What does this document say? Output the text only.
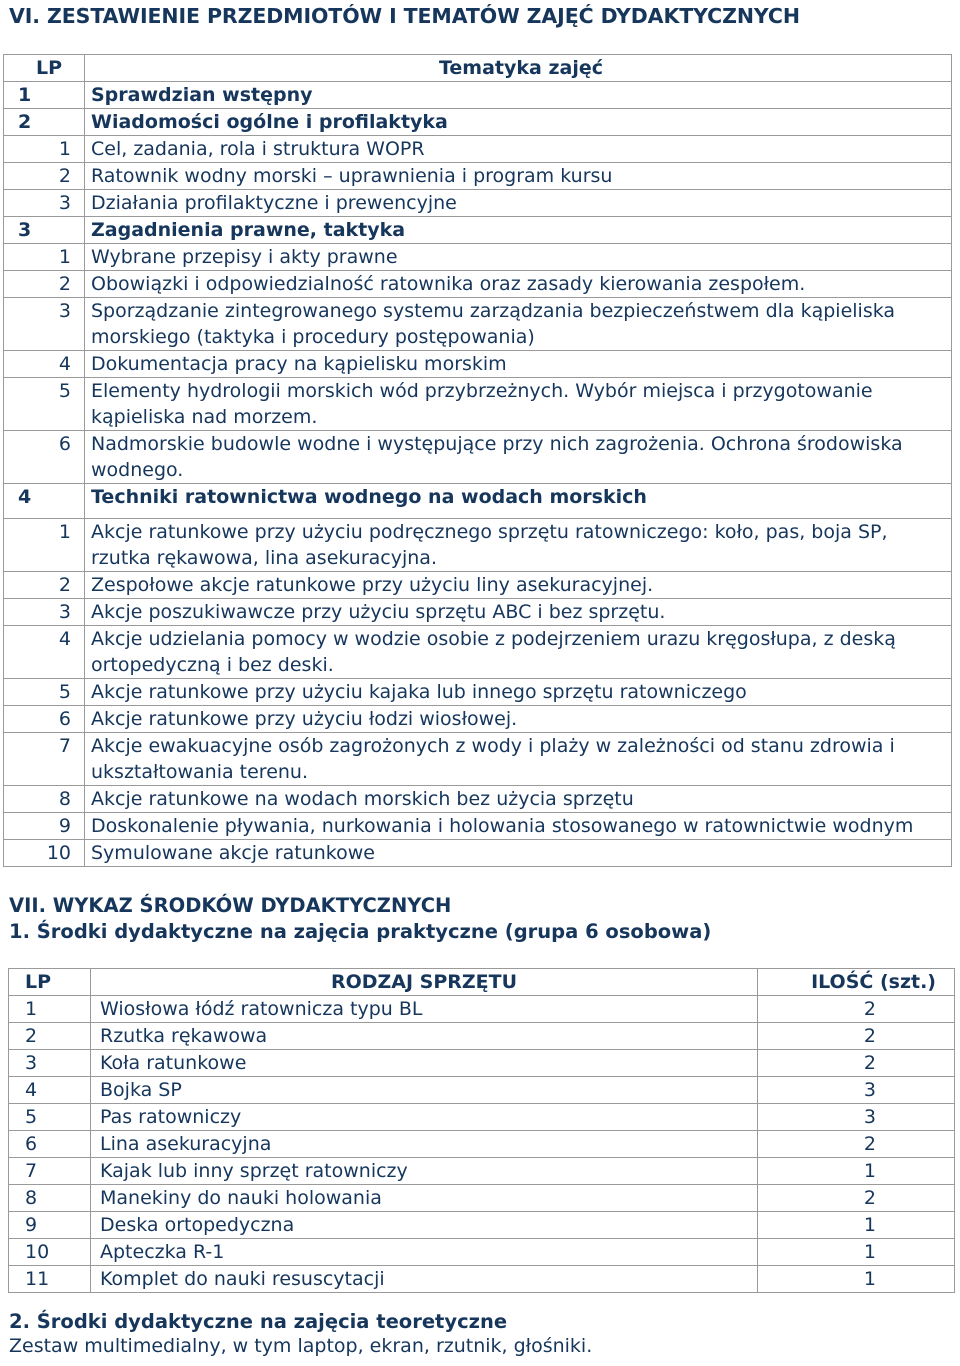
VI. ZESTAWIENIE PRZEDMIOTÓW I TEMATÓW ZAJĘĆ DYDAKTYCZNYCH
LP	Tematyka zajęć

1	Sprawdzian wstępny

2	Wiadomości ogólne i profilaktyka

1	Cel, zadania, rola i struktura WOPR

2	Ratownik wodny morski – uprawnienia i program kursu

3	Działania profilaktyczne i prewencyjne

3	Zagadnienia prawne, taktyka

1	Wybrane przepisy i akty prawne

2	Obowiązki i odpowiedzialność ratownika oraz zasady kierowania zespołem.

3	Sporządzanie zintegrowanego systemu zarządzania bezpieczeństwem dla kąpieliska morskiego (taktyka i procedury postępowania)

4	Dokumentacja pracy na kąpielisku morskim

5	Elementy hydrologii morskich wód przybrzeżnych. Wybór miejsca i przygotowanie kąpieliska nad morzem.

6	Nadmorskie budowle wodne i występujące przy nich zagrożenia. Ochrona środowiska wodnego.

4	Techniki ratownictwa wodnego na wodach morskich

1	Akcje ratunkowe przy użyciu podręcznego sprzętu ratowniczego: koło, pas, boja SP, rzutka rękawowa, lina asekuracyjna.

2	Zespołowe akcje ratunkowe przy użyciu liny asekuracyjnej.

3	Akcje poszukiwawcze przy użyciu sprzętu ABC i bez sprzętu.

4	Akcje udzielania pomocy w wodzie osobie z podejrzeniem urazu kręgosłupa, z deską ortopedyczną i bez deski.

5	Akcje ratunkowe przy użyciu kajaka lub innego sprzętu ratowniczego

6	Akcje ratunkowe przy użyciu łodzi wiosłowej.

7	Akcje ewakuacyjne osób zagrożonych z wody i plaży w zależności od stanu zdrowia i ukształtowania terenu.

8	Akcje ratunkowe na wodach morskich bez użycia sprzętu

9	Doskonalenie pływania, nurkowania i holowania stosowanego w ratownictwie wodnym

10	Symulowane akcje ratunkowe
VII. WYKAZ ŚRODKÓW DYDAKTYCZNYCH
1. Środki dydaktyczne na zajęcia praktyczne (grupa 6 osobowa)
LP	RODZAJ SPRZĘTU	ILOŚĆ (szt.)
1	Wiosłowa łódź ratownicza typu BL	2
2	Rzutka rękawowa	2
3	Koła ratunkowe	2
4	Bojka SP	3
5	Pas ratowniczy	3
6	Lina asekuracyjna	2
7	Kajak lub inny sprzęt ratowniczy	1
8	Manekiny do nauki holowania	2
9	Deska ortopedyczna	1
10	Apteczka R-1	1
11	Komplet do nauki resuscytacji	1
2. Środki dydaktyczne na zajęcia teoretyczne
Zestaw multimedialny, w tym laptop, ekran, rzutnik, głośniki.
